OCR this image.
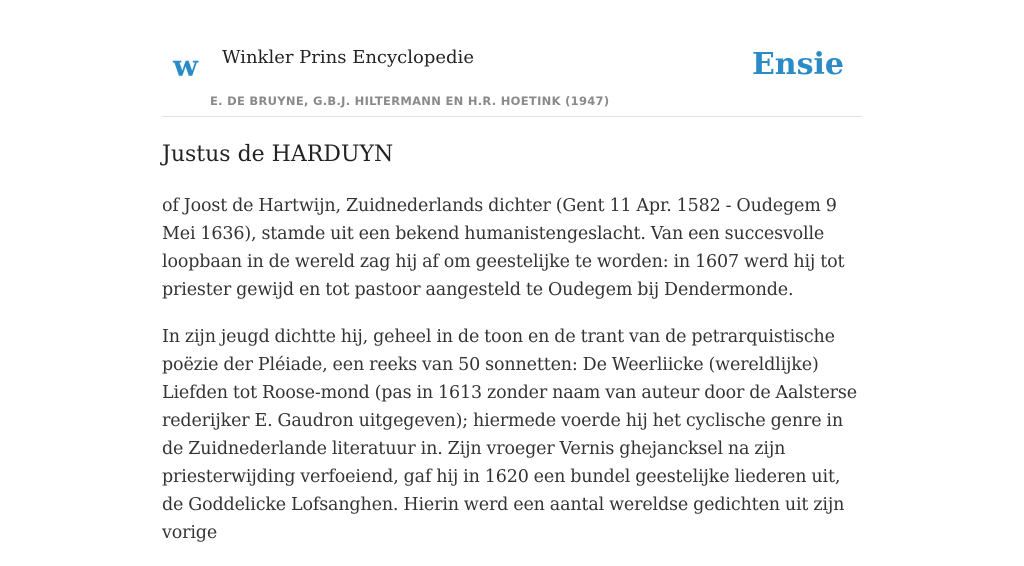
w Winkler Prins Encyclopedie
E. DE BRUYNE, G.B.J. HILTERMANN EN H.R. HOETINK (1947)
Ensie
Justus de HARDUYN

of Joost de Hartwijn, Zuidnederlands dichter (Gent 11 Apr. 1582 - Oudegem 9 Mei 1636), stamde uit een bekend humanistengeslacht. Van een succesvolle loopbaan in de wereld zag hij af om geestelijke te worden: in 1607 werd hij tot priester gewijd en tot pastoor aangesteld te Oudegem bij Dendermonde.

In zijn jeugd dichtte hij, geheel in de toon en de trant van de petrarquistische poëzie der Pléiade, een reeks van 50 sonnetten: De Weerliicke (wereldlijke) Liefden tot Roose-mond (pas in 1613 zonder naam van auteur door de Aalsterse rederijker E. Gaudron uitgegeven); hiermede voerde hij het cyclische genre in de Zuidnederlande literatuur in. Zijn vroeger Vernis ghejancksel na zijn priesterwijding verfoeiend, gaf hij in 1620 een bundel geestelijke liederen uit, de Goddelicke Lofsanghen. Hierin werd een aantal wereldse gedichten uit zijn vorige
